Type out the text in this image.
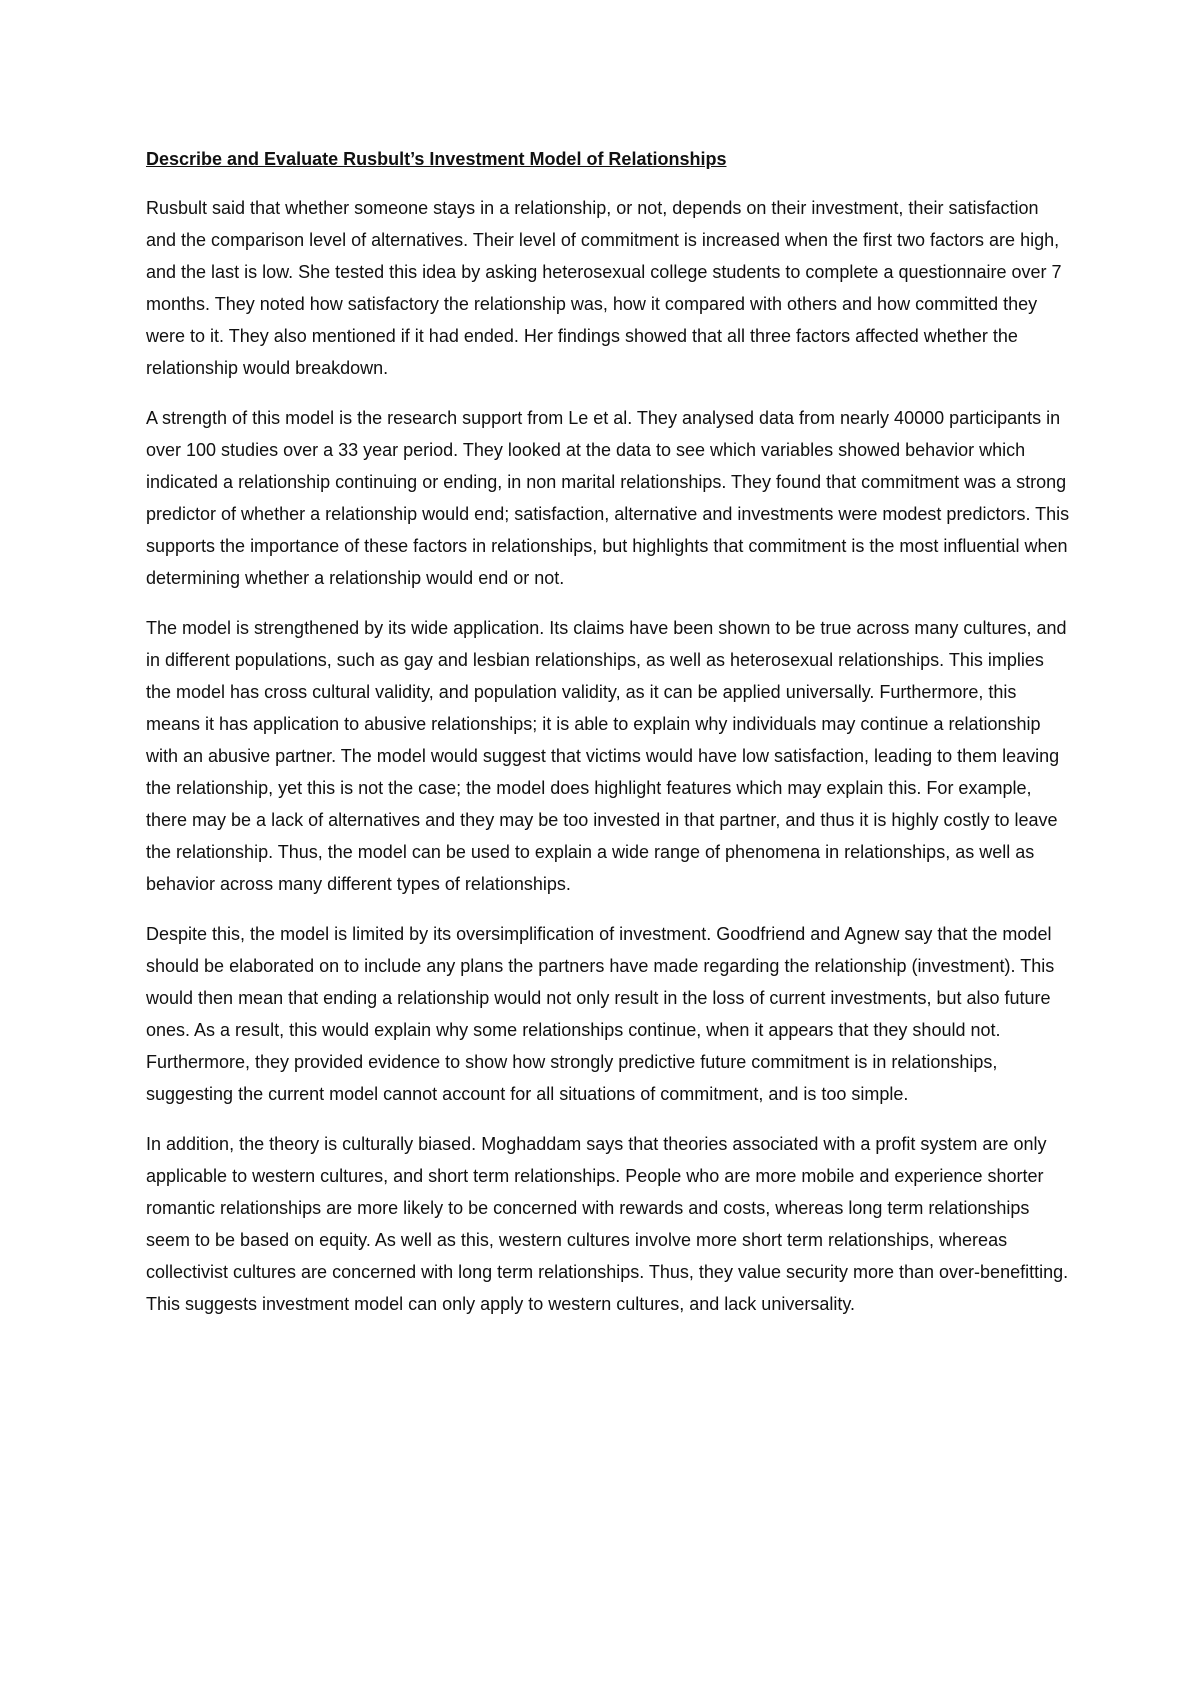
Describe and Evaluate Rusbult’s Investment Model of Relationships

Rusbult said that whether someone stays in a relationship, or not, depends on their investment, their satisfaction and the comparison level of alternatives. Their level of commitment is increased when the first two factors are high, and the last is low. She tested this idea by asking heterosexual college students to complete a questionnaire over 7 months. They noted how satisfactory the relationship was, how it compared with others and how committed they were to it. They also mentioned if it had ended. Her findings showed that all three factors affected whether the relationship would breakdown.

A strength of this model is the research support from Le et al. They analysed data from nearly 40000 participants in over 100 studies over a 33 year period. They looked at the data to see which variables showed behavior which indicated a relationship continuing or ending, in non marital relationships. They found that commitment was a strong predictor of whether a relationship would end; satisfaction, alternative and investments were modest predictors. This supports the importance of these factors in relationships, but highlights that commitment is the most influential when determining whether a relationship would end or not.

The model is strengthened by its wide application. Its claims have been shown to be true across many cultures, and in different populations, such as gay and lesbian relationships, as well as heterosexual relationships. This implies the model has cross cultural validity, and population validity, as it can be applied universally. Furthermore, this means it has application to abusive relationships; it is able to explain why individuals may continue a relationship with an abusive partner. The model would suggest that victims would have low satisfaction, leading to them leaving the relationship, yet this is not the case; the model does highlight features which may explain this. For example, there may be a lack of alternatives and they may be too invested in that partner, and thus it is highly costly to leave the relationship. Thus, the model can be used to explain a wide range of phenomena in relationships, as well as behavior across many different types of relationships.

Despite this, the model is limited by its oversimplification of investment. Goodfriend and Agnew say that the model should be elaborated on to include any plans the partners have made regarding the relationship (investment). This would then mean that ending a relationship would not only result in the loss of current investments, but also future ones. As a result, this would explain why some relationships continue, when it appears that they should not. Furthermore, they provided evidence to show how strongly predictive future commitment is in relationships, suggesting the current model cannot account for all situations of commitment, and is too simple.

In addition, the theory is culturally biased. Moghaddam says that theories associated with a profit system are only applicable to western cultures, and short term relationships. People who are more mobile and experience shorter romantic relationships are more likely to be concerned with rewards and costs, whereas long term relationships seem to be based on equity. As well as this, western cultures involve more short term relationships, whereas collectivist cultures are concerned with long term relationships. Thus, they value security more than over-benefitting. This suggests investment model can only apply to western cultures, and lack universality.
